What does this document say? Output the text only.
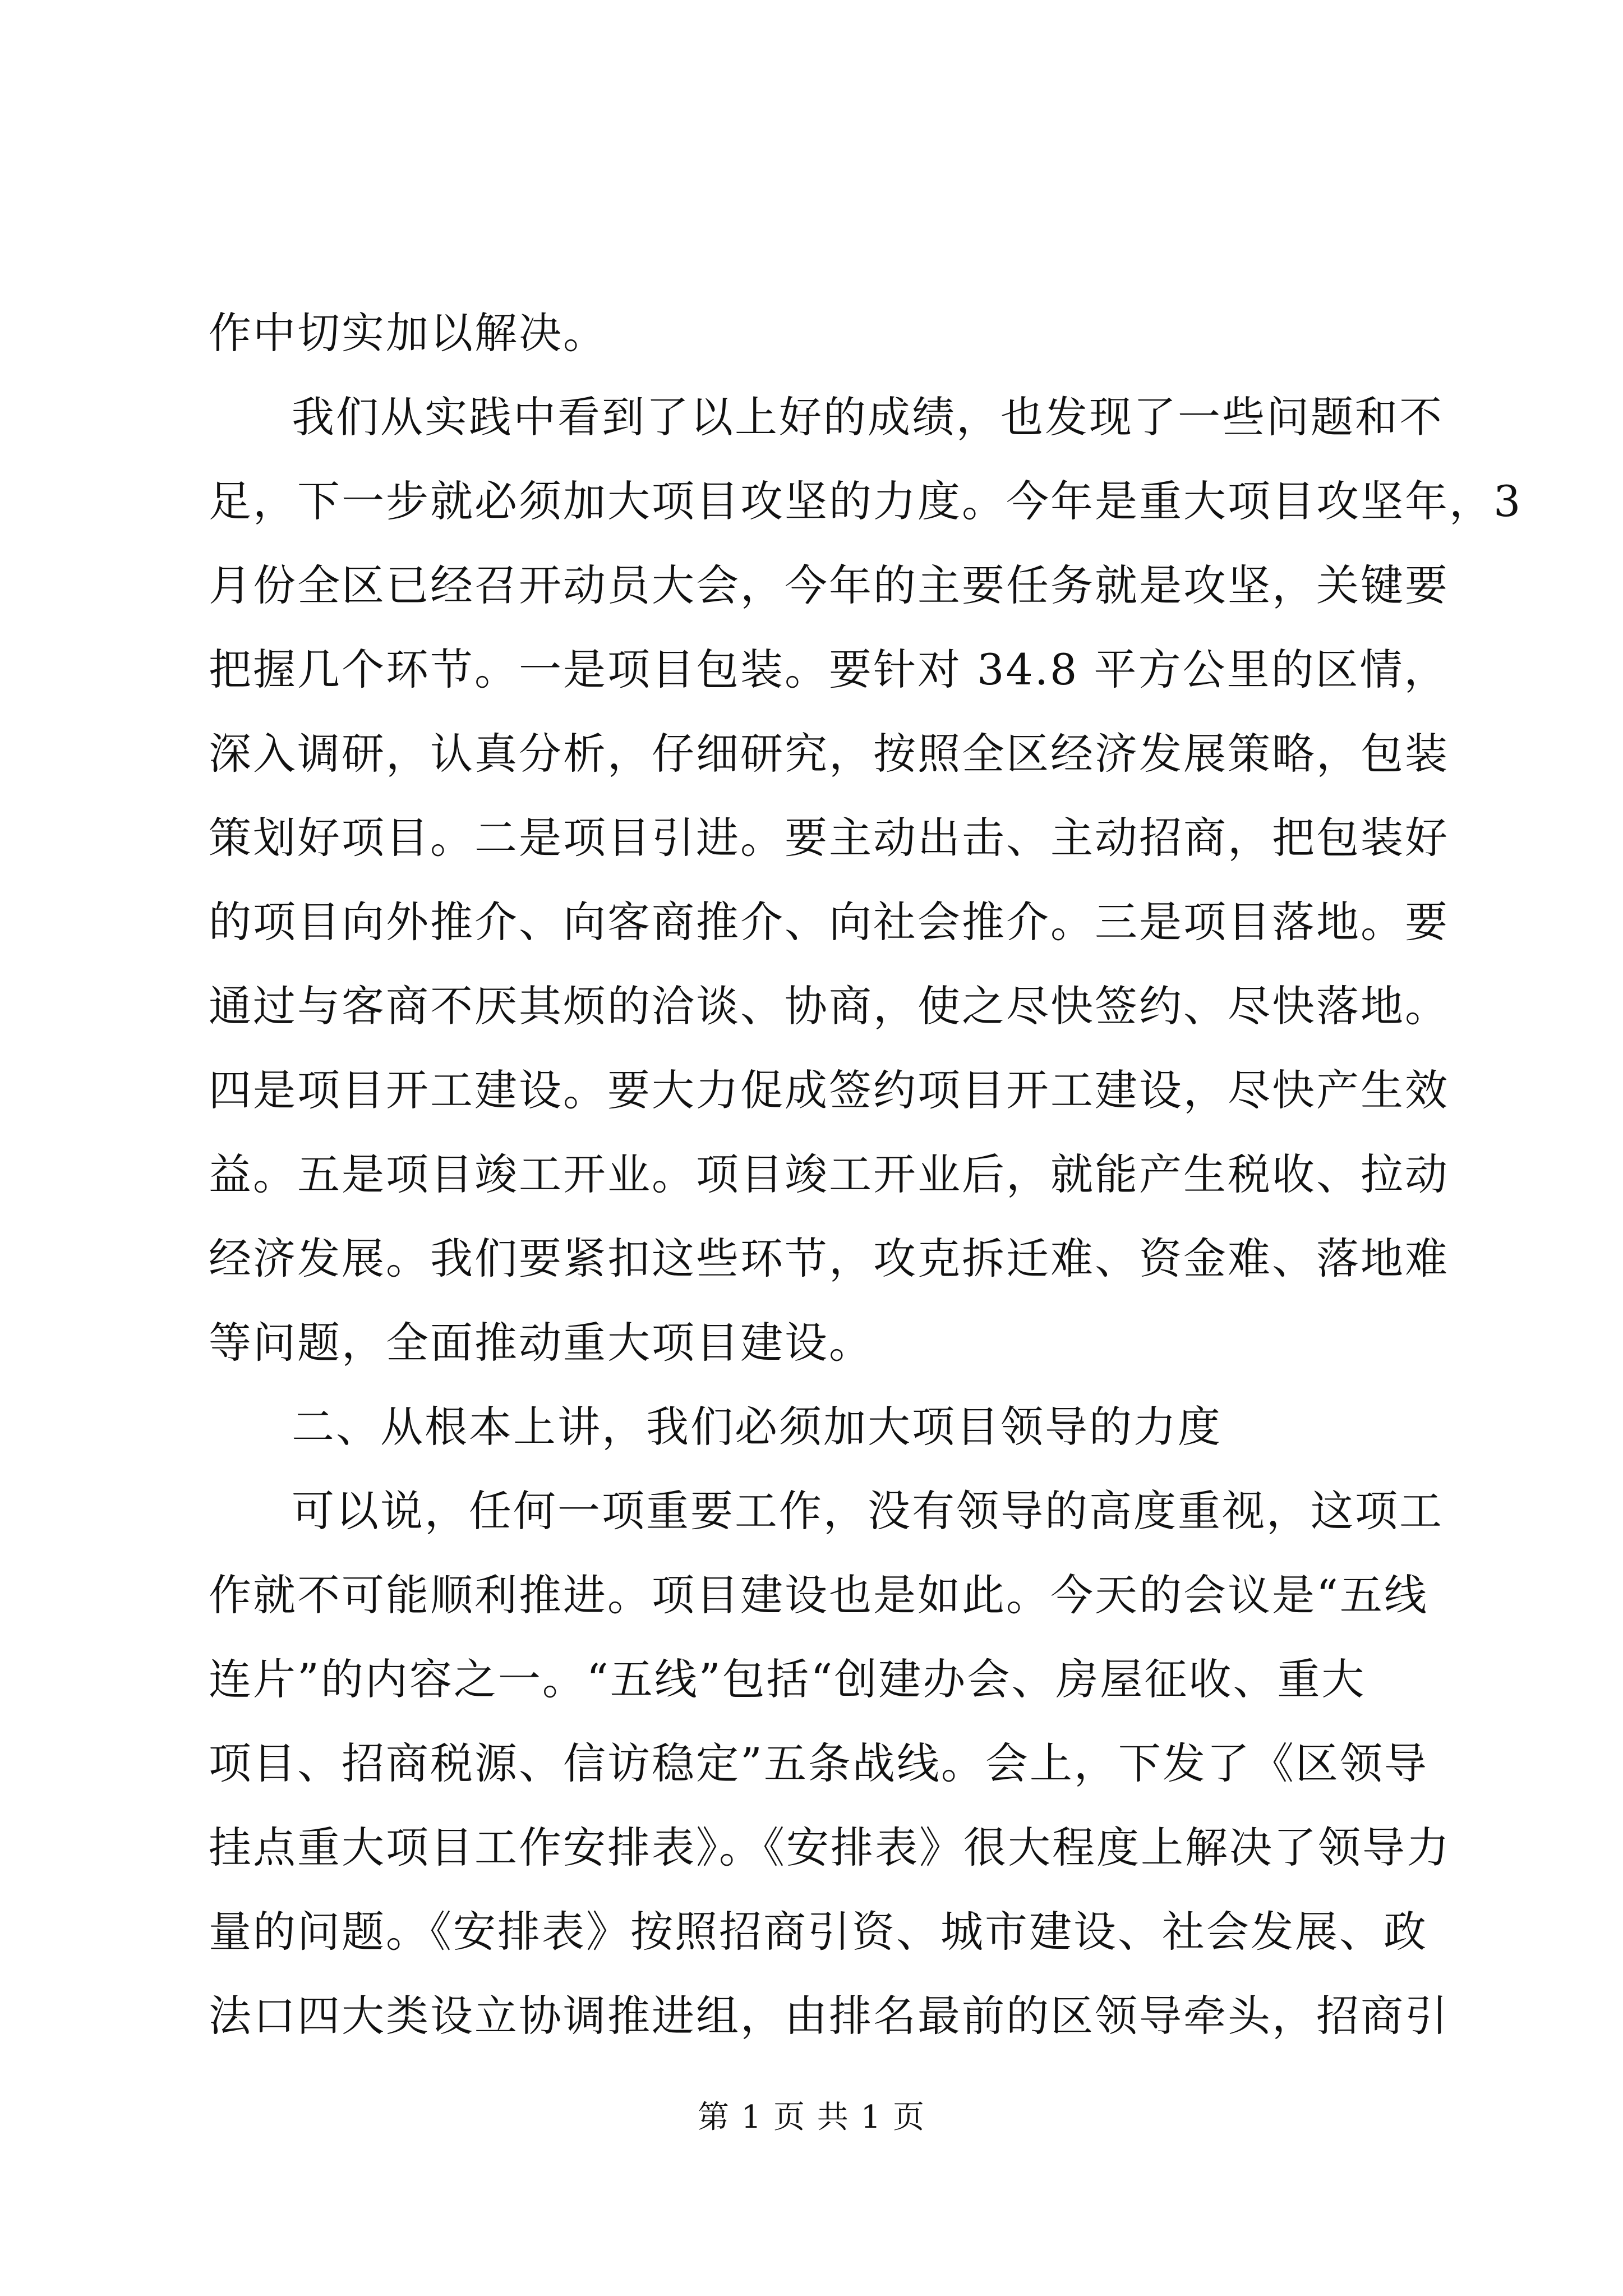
作中切实加以解决。
我们从实践中看到了以上好的成绩，也发现了一些问题和不
足，下一步就必须加大项目攻坚的力度。今年是重大项目攻坚年，3
月份全区已经召开动员大会，今年的主要任务就是攻坚，关键要
把握几个环节。一是项目包装。要针对 34.8 平方公里的区情，
深入调研，认真分析，仔细研究，按照全区经济发展策略，包装
策划好项目。二是项目引进。要主动出击、主动招商，把包装好
的项目向外推介、向客商推介、向社会推介。三是项目落地。要
通过与客商不厌其烦的洽谈、协商，使之尽快签约、尽快落地。
四是项目开工建设。要大力促成签约项目开工建设，尽快产生效
益。五是项目竣工开业。项目竣工开业后，就能产生税收、拉动
经济发展。我们要紧扣这些环节，攻克拆迁难、资金难、落地难
等问题，全面推动重大项目建设。
二、从根本上讲，我们必须加大项目领导的力度
可以说，任何一项重要工作，没有领导的高度重视，这项工
作就不可能顺利推进。项目建设也是如此。今天的会议是“五线
连片”的内容之一。“五线”包括“创建办会、房屋征收、重大
项目、招商税源、信访稳定”五条战线。会上，下发了《区领导
挂点重大项目工作安排表》。《安排表》很大程度上解决了领导力
量的问题。《安排表》按照招商引资、城市建设、社会发展、政
法口四大类设立协调推进组，由排名最前的区领导牵头，招商引
第 1 页 共 1 页
